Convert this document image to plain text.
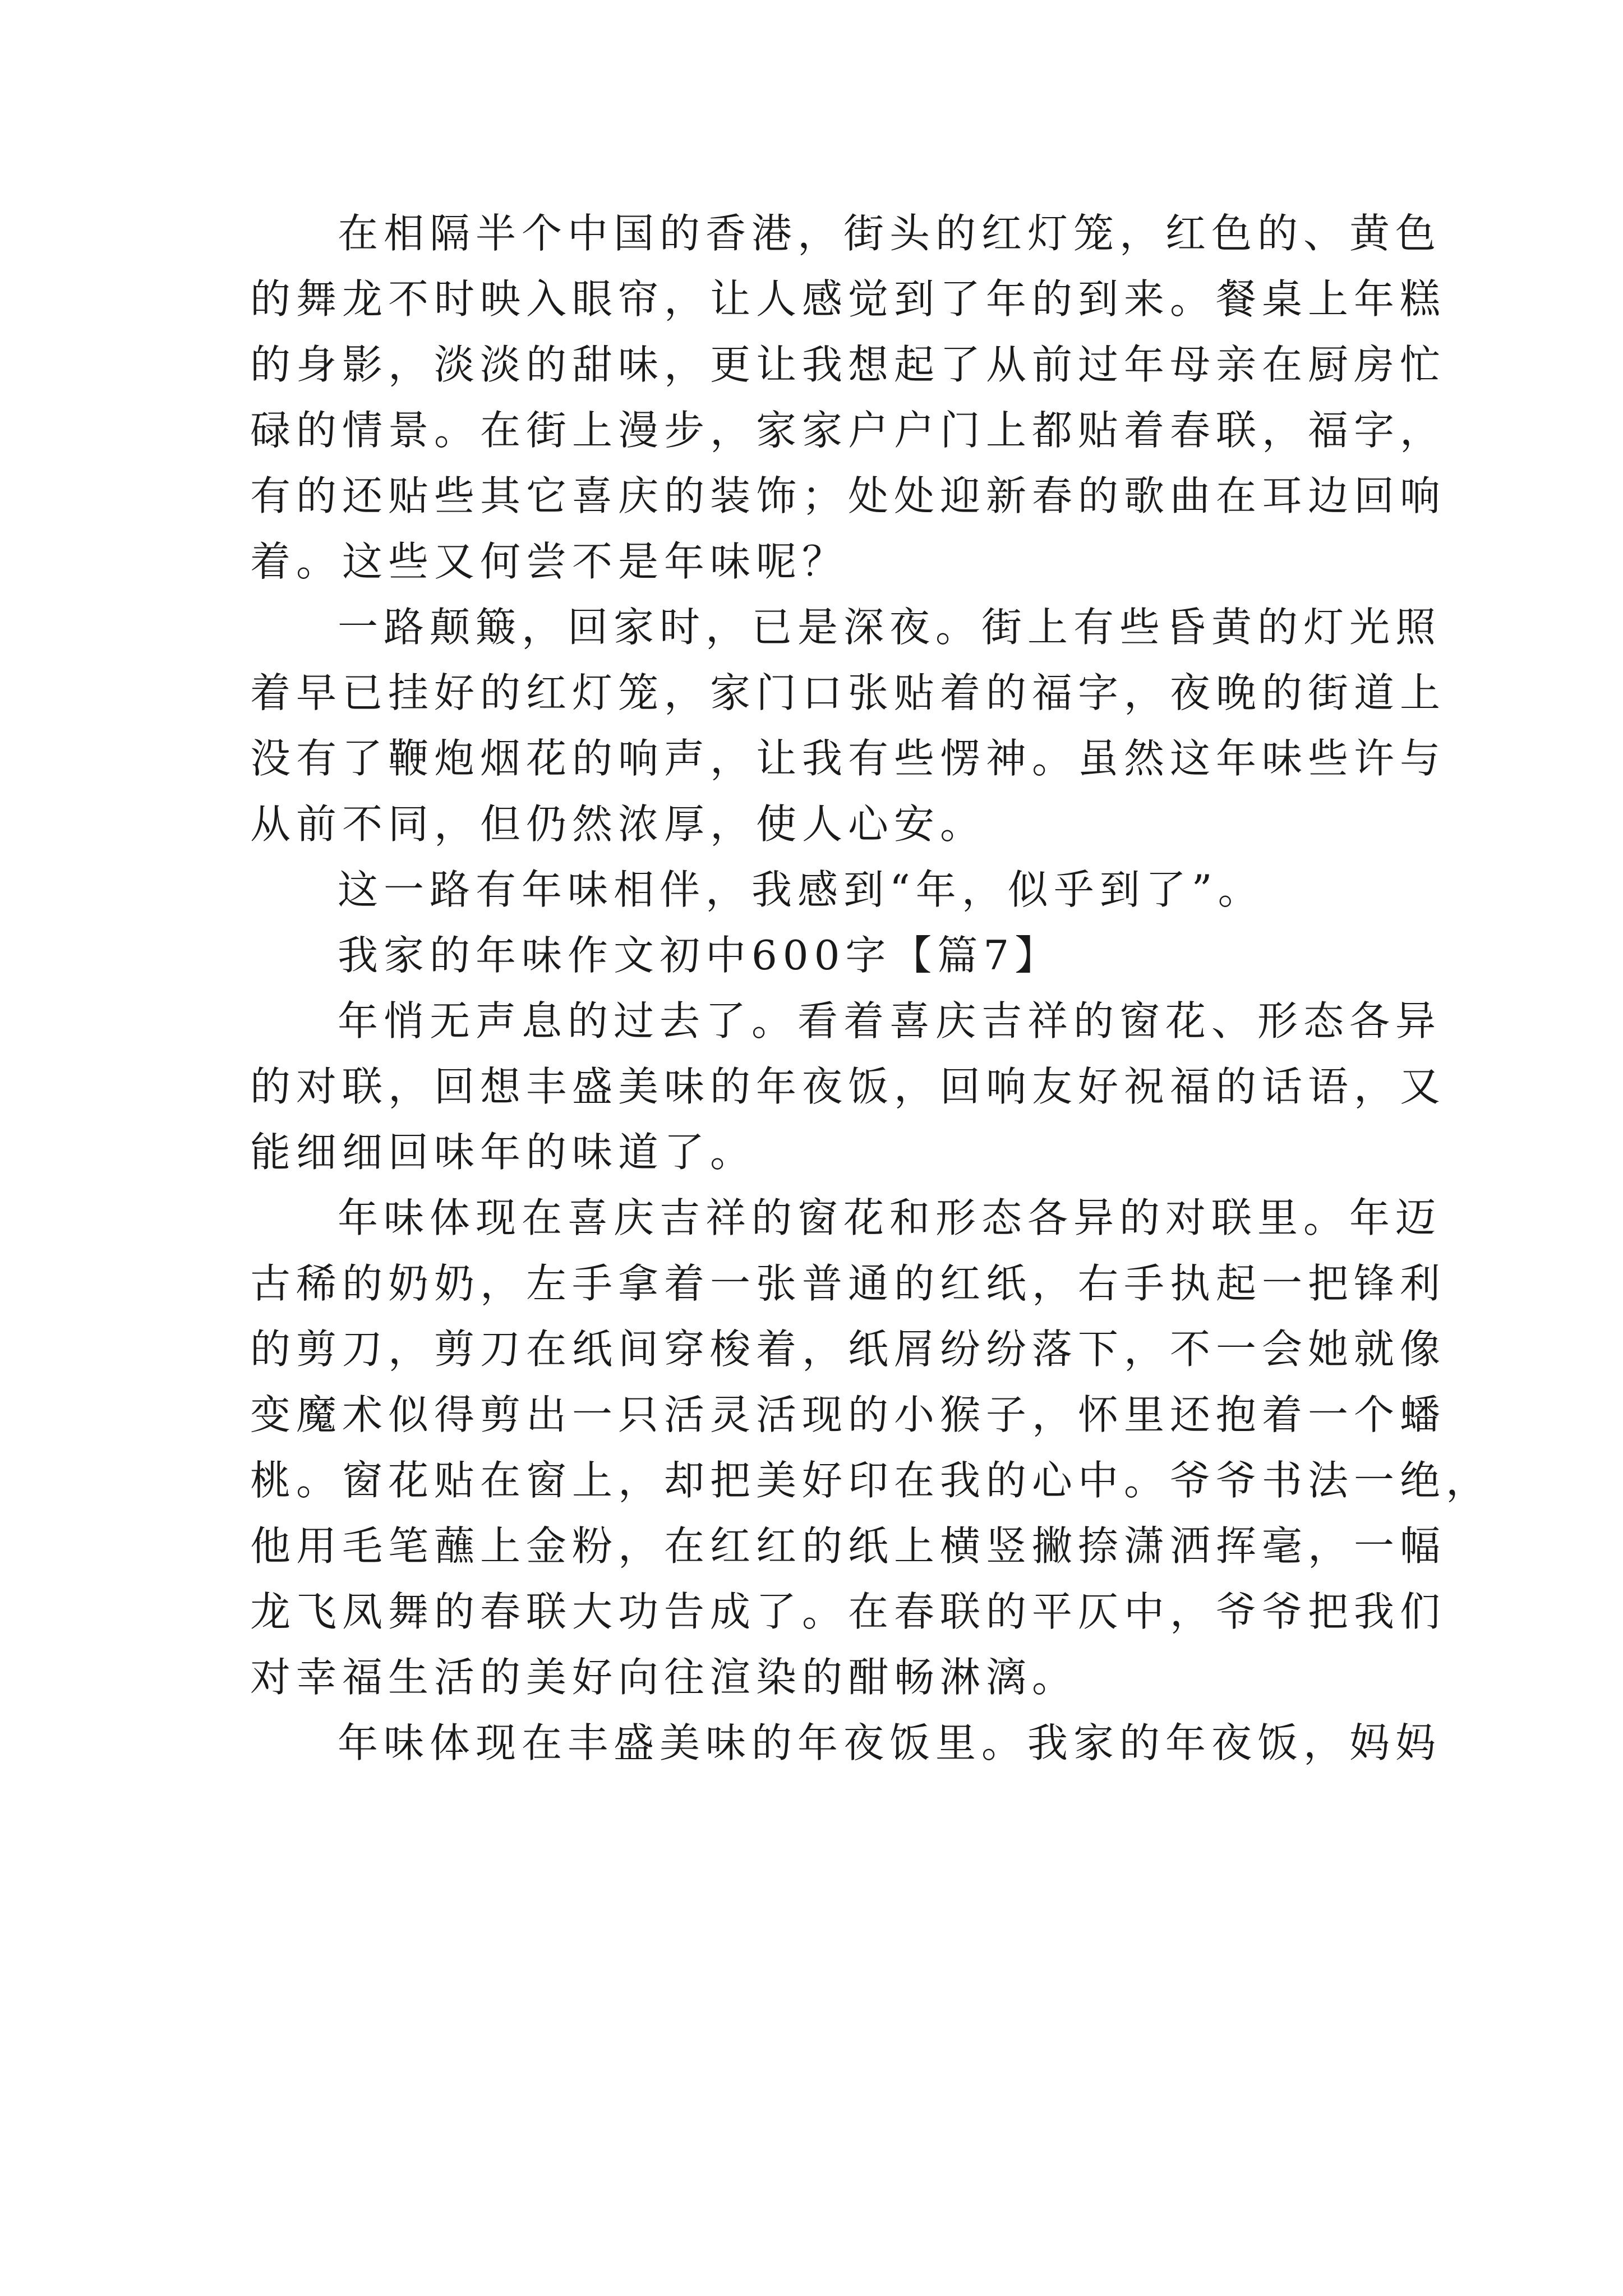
在相隔半个中国的香港，街头的红灯笼，红色的、黄色
的舞龙不时映入眼帘，让人感觉到了年的到来。餐桌上年糕
的身影，淡淡的甜味，更让我想起了从前过年母亲在厨房忙
碌的情景。在街上漫步，家家户户门上都贴着春联，福字，
有的还贴些其它喜庆的装饰；处处迎新春的歌曲在耳边回响
着。这些又何尝不是年味呢？
一路颠簸，回家时，已是深夜。街上有些昏黄的灯光照
着早已挂好的红灯笼，家门口张贴着的福字，夜晚的街道上
没有了鞭炮烟花的响声，让我有些愣神。虽然这年味些许与
从前不同，但仍然浓厚，使人心安。
这一路有年味相伴，我感到“年，似乎到了”。
我家的年味作文初中600字【篇7】
年悄无声息的过去了。看着喜庆吉祥的窗花、形态各异
的对联，回想丰盛美味的年夜饭，回响友好祝福的话语，又
能细细回味年的味道了。
年味体现在喜庆吉祥的窗花和形态各异的对联里。年迈
古稀的奶奶，左手拿着一张普通的红纸，右手执起一把锋利
的剪刀，剪刀在纸间穿梭着，纸屑纷纷落下，不一会她就像
变魔术似得剪出一只活灵活现的小猴子，怀里还抱着一个蟠
桃。窗花贴在窗上，却把美好印在我的心中。爷爷书法一绝，
他用毛笔蘸上金粉，在红红的纸上横竖撇捺潇洒挥毫，一幅
龙飞凤舞的春联大功告成了。在春联的平仄中，爷爷把我们
对幸福生活的美好向往渲染的酣畅淋漓。
年味体现在丰盛美味的年夜饭里。我家的年夜饭，妈妈
